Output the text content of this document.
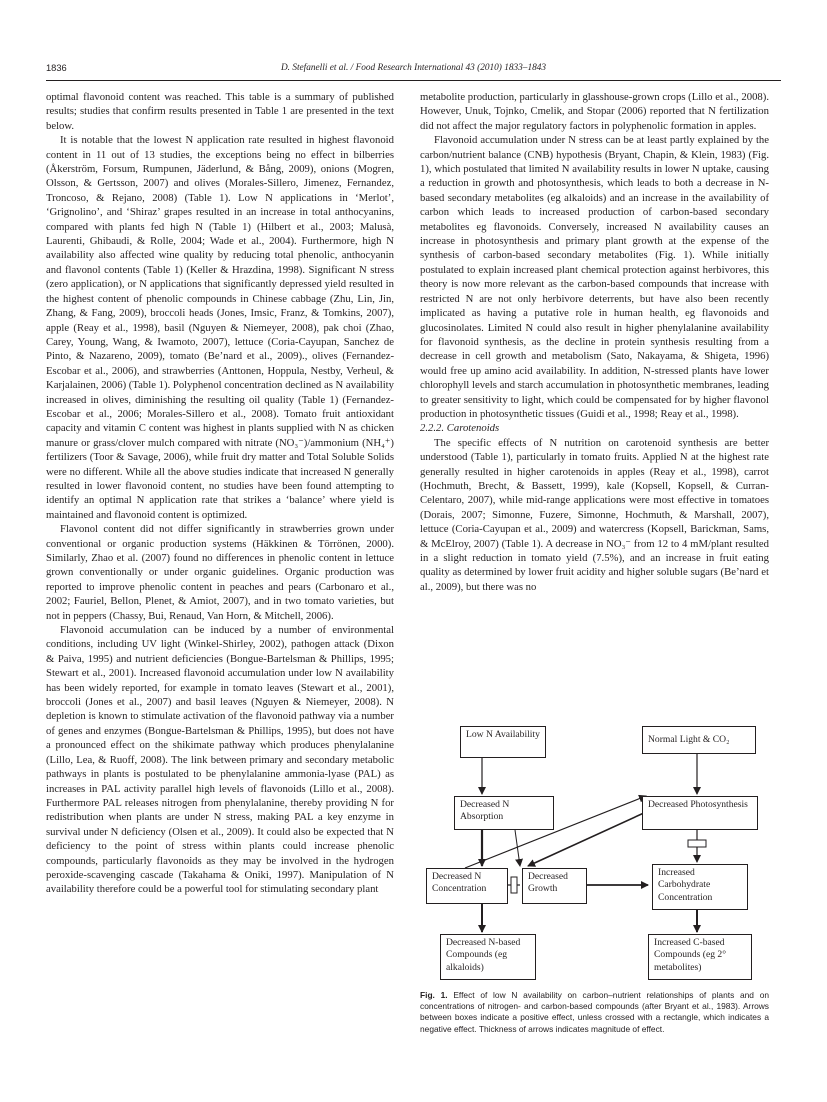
1836	D. Stefanelli et al. / Food Research International 43 (2010) 1833–1843

optimal flavonoid content was reached. This table is a summary of published results; studies that confirm results presented in Table 1 are presented in the text below.

It is notable that the lowest N application rate resulted in highest flavonoid content in 11 out of 13 studies, the exceptions being no effect in bilberries (Åkerström, Forsum, Rumpunen, Jäderlund, & Bång, 2009), onions (Mogren, Olsson, & Gertsson, 2007) and olives (Morales-Sillero, Jimenez, Fernandez, Troncoso, & Rejano, 2008) (Table 1). Low N applications in ‘Merlot’, ‘Grignolino’, and ‘Shiraz’ grapes resulted in an increase in total anthocyanins, compared with plants fed high N (Table 1) (Hilbert et al., 2003; Malusà, Laurenti, Ghibaudi, & Rolle, 2004; Wade et al., 2004). Furthermore, high N availability also affected wine quality by reducing total phenolic, anthocyanin and flavonol contents (Table 1) (Keller & Hrazdina, 1998). Significant N stress (zero application), or N applications that significantly depressed yield resulted in the highest content of phenolic compounds in Chinese cabbage (Zhu, Lin, Jin, Zhang, & Fang, 2009), broccoli heads (Jones, Imsic, Franz, & Tomkins, 2007), apple (Reay et al., 1998), basil (Nguyen & Niemeyer, 2008), pak choi (Zhao, Carey, Young, Wang, & Iwamoto, 2007), lettuce (Coria-Cayupan, Sanchez de Pinto, & Nazareno, 2009), tomato (Be’nard et al., 2009)., olives (Fernandez-Escobar et al., 2006), and strawberries (Anttonen, Hoppula, Nestby, Verheul, & Karjalainen, 2006) (Table 1). Polyphenol concentration declined as N availability increased in olives, diminishing the resulting oil quality (Table 1) (Fernandez-Escobar et al., 2006; Morales-Sillero et al., 2008). Tomato fruit antioxidant capacity and vitamin C content was highest in plants supplied with N as chicken manure or grass/clover mulch compared with nitrate (NO₃⁻)/ammonium (NH₄⁺) fertilizers (Toor & Savage, 2006), while fruit dry matter and Total Soluble Solids were no different. While all the above studies indicate that increased N generally resulted in lower flavonoid content, no studies have been found attempting to identify an optimal N application rate that strikes a ‘balance’ where yield is maintained and flavonoid content is optimized.

Flavonol content did not differ significantly in strawberries grown under conventional or organic production systems (Häkkinen & Törrönen, 2000). Similarly, Zhao et al. (2007) found no differences in phenolic content in lettuce grown conventionally or under organic guidelines. Organic production was reported to improve phenolic content in peaches and pears (Carbonaro et al., 2002; Fauriel, Bellon, Plenet, & Amiot, 2007), and in two tomato varieties, but not in peppers (Chassy, Bui, Renaud, Van Horn, & Mitchell, 2006).

Flavonoid accumulation can be induced by a number of environmental conditions, including UV light (Winkel-Shirley, 2002), pathogen attack (Dixon & Paiva, 1995) and nutrient deficiencies (Bongue-Bartelsman & Phillips, 1995; Stewart et al., 2001). Increased flavonoid accumulation under low N availability has been widely reported, for example in tomato leaves (Stewart et al., 2001), broccoli (Jones et al., 2007) and basil leaves (Nguyen & Niemeyer, 2008). N depletion is known to stimulate activation of the flavonoid pathway via a number of genes and enzymes (Bongue-Bartelsman & Phillips, 1995), but does not have a pronounced effect on the shikimate pathway which produces phenylalanine (Lillo, Lea, & Ruoff, 2008). The link between primary and secondary metabolic pathways in plants is postulated to be phenylalanine ammonia-lyase (PAL) as increases in PAL activity parallel high levels of flavonoids (Lillo et al., 2008). Furthermore PAL releases nitrogen from phenylalanine, thereby providing N for redistribution when plants are under N stress, making PAL a key enzyme in survival under N deficiency (Olsen et al., 2009). It could also be expected that N deficiency to the point of stress within plants could increase phenolic compounds, particularly flavonoids as they may be involved in the hydrogen peroxide-scavenging cascade (Takahama & Oniki, 1997). Manipulation of N availability therefore could be a powerful tool for stimulating secondary plant

metabolite production, particularly in glasshouse-grown crops (Lillo et al., 2008). However, Unuk, Tojnko, Cmelik, and Stopar (2006) reported that N fertilization did not affect the major regulatory factors in polyphenolic formation in apples.

Flavonoid accumulation under N stress can be at least partly explained by the carbon/nutrient balance (CNB) hypothesis (Bryant, Chapin, & Klein, 1983) (Fig. 1), which postulated that limited N availability results in lower N uptake, causing a reduction in growth and photosynthesis, which leads to both a decrease in N-based secondary metabolites (eg alkaloids) and an increase in the availability of carbon which leads to increased production of carbon-based secondary metabolites eg flavonoids. Conversely, increased N availability causes an increase in photosynthesis and primary plant growth at the expense of the synthesis of carbon-based secondary metabolites (Fig. 1). While initially postulated to explain increased plant chemical protection against herbivores, this theory is now more relevant as the carbon-based compounds that increase with restricted N are not only herbivore deterrents, but have also been recently implicated as having a putative role in human health, eg flavonoids and glucosinolates. Limited N could also result in higher phenylalanine availability for flavonoid synthesis, as the decline in protein synthesis resulting from a decrease in cell growth and metabolism (Sato, Nakayama, & Shigeta, 1996) would free up amino acid availability. In addition, N-stressed plants have lower chlorophyll levels and starch accumulation in photosynthetic membranes, leading to greater sensitivity to light, which could be compensated for by higher flavonol production in photosynthetic tissues (Guidi et al., 1998; Reay et al., 1998).

2.2.2. Carotenoids

The specific effects of N nutrition on carotenoid synthesis are better understood (Table 1), particularly in tomato fruits. Applied N at the highest rate generally resulted in higher carotenoids in apples (Reay et al., 1998), carrot (Hochmuth, Brecht, & Bassett, 1999), kale (Kopsell, Kopsell, & Curran-Celentaro, 2007), while mid-range applications were most effective in tomatoes (Dorais, 2007; Simonne, Fuzere, Simonne, Hochmuth, & Marshall, 2007), lettuce (Coria-Cayupan et al., 2009) and watercress (Kopsell, Barickman, Sams, & McElroy, 2007) (Table 1). A decrease in NO₃⁻ from 12 to 4 mM/plant resulted in a slight reduction in tomato yield (7.5%), and an increase in fruit eating quality as determined by lower fruit acidity and higher soluble sugars (Be’nard et al., 2009), but there was no

Low N Availability	Normal Light & CO₂
Decreased N Absorption
Decreased Photosynthesis
Decreased N Concentration
Decreased Growth
Increased Carbohydrate Concentration
Decreased N-based Compounds (eg alkaloids)
Increased C-based Compounds (eg 2° metabolites)
Fig. 1. Effect of low N availability on carbon–nutrient relationships of plants and on concentrations of nitrogen- and carbon-based compounds (after Bryant et al., 1983). Arrows between boxes indicate a positive effect, unless crossed with a rectangle, which indicates a negative effect. Thickness of arrows indicates magnitude of effect.
